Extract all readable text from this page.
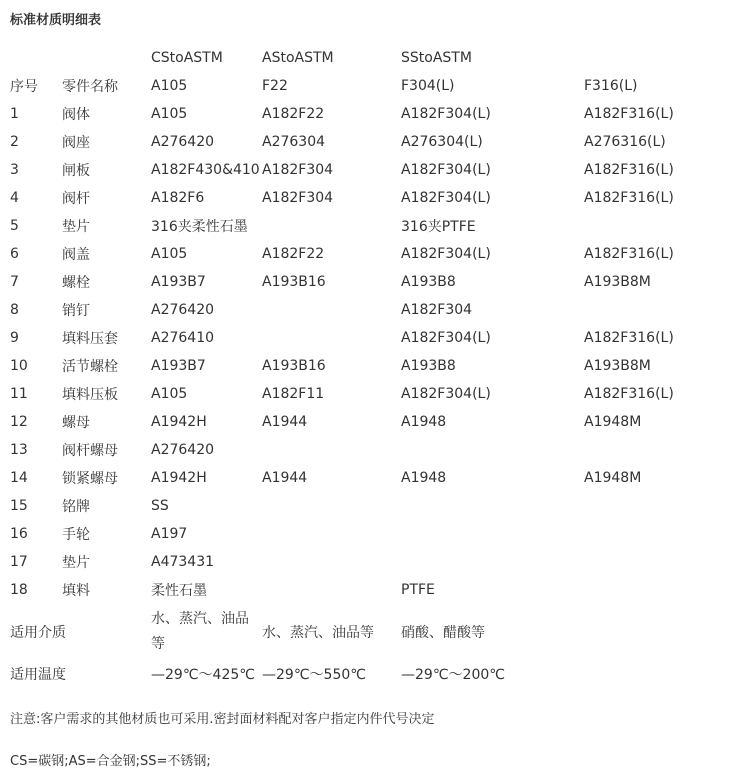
标准材质明细表
		CStoASTM	AStoASTM	SStoASTM	
序号	零件名称	A105	F22	F304(L)	F316(L)
1	阀体	A105	A182F22	A182F304(L)	A182F316(L)
2	阀座	A276420	A276304	A276304(L)	A276316(L)
3	闸板	A182F430&410	A182F304	A182F304(L)	A182F316(L)
4	阀杆	A182F6	A182F304	A182F304(L)	A182F316(L)
5	垫片	316夹柔性石墨		316夹PTFE	
6	阀盖	A105	A182F22	A182F304(L)	A182F316(L)
7	螺栓	A193B7	A193B16	A193B8	A193B8M
8	销钉	A276420		A182F304	
9	填料压套	A276410		A182F304(L)	A182F316(L)
10	活节螺栓	A193B7	A193B16	A193B8	A193B8M
11	填料压板	A105	A182F11	A182F304(L)	A182F316(L)
12	螺母	A1942H	A1944	A1948	A1948M
13	阀杆螺母	A276420			
14	锁紧螺母	A1942H	A1944	A1948	A1948M
15	铭牌	SS			
16	手轮	A197			
17	垫片	A473431			
18	填料	柔性石墨		PTFE	
适用介质		水、蒸汽、油品等	水、蒸汽、油品等	硝酸、醋酸等	
适用温度		—29℃～425℃	—29℃～550℃	—29℃～200℃	
注意:客户需求的其他材质也可采用.密封面材料配对客户指定内件代号决定
CS=碳钢;AS=合金钢;SS=不锈钢;
